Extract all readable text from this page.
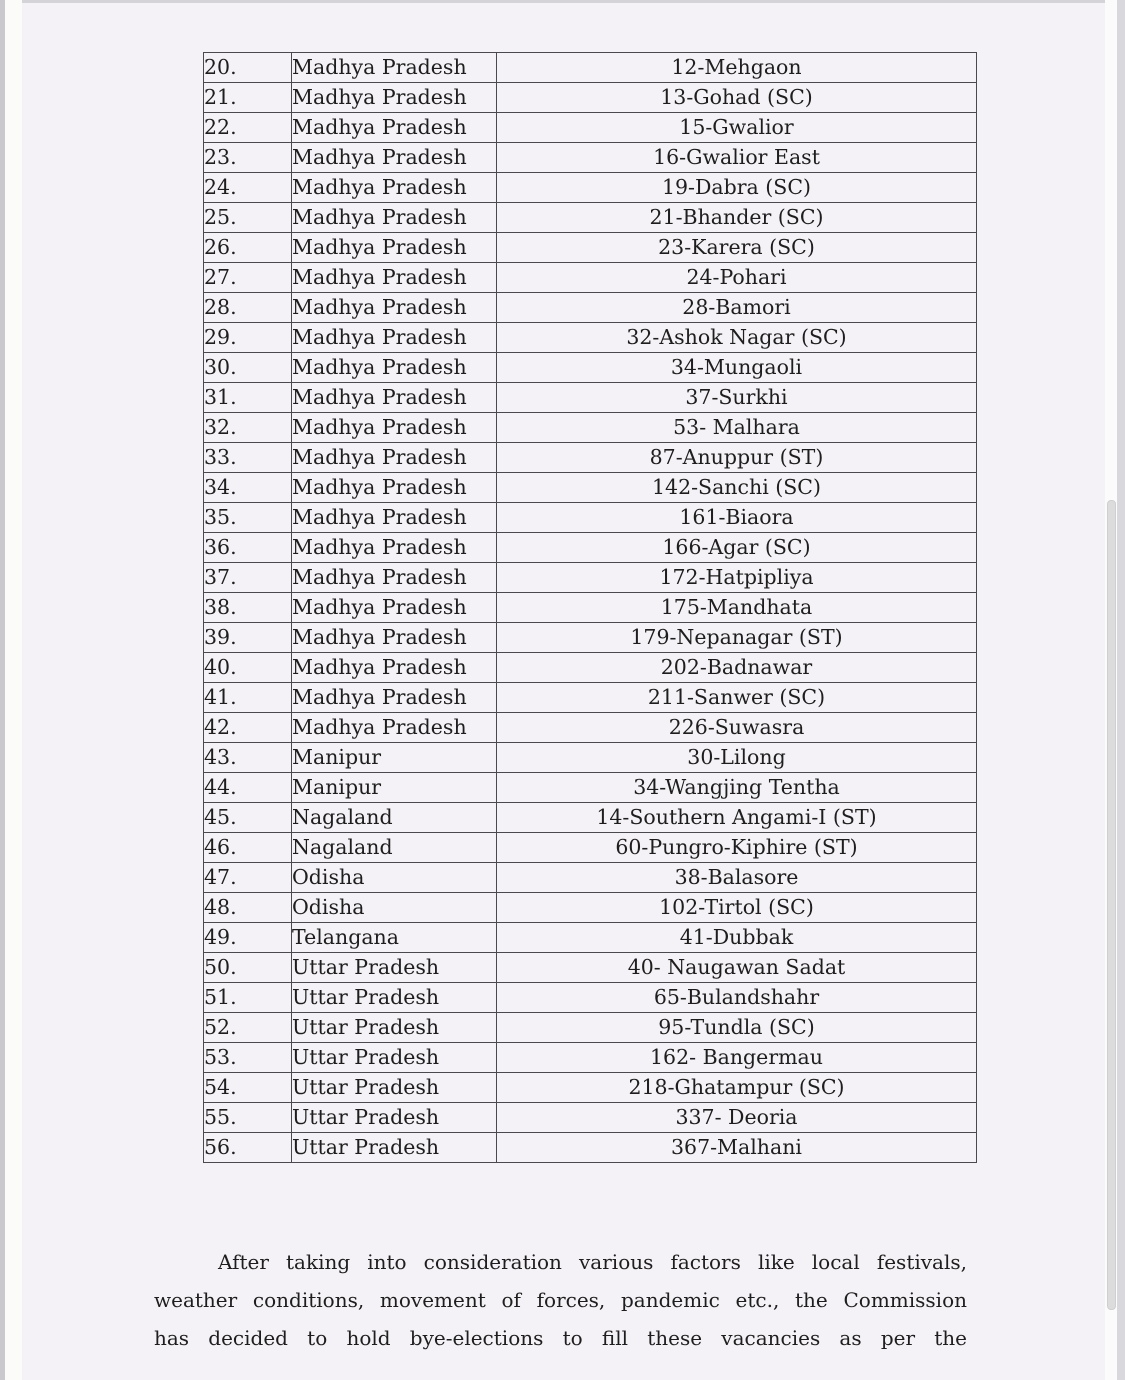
20.	Madhya Pradesh	12-Mehgaon
21.	Madhya Pradesh	13-Gohad (SC)
22.	Madhya Pradesh	15-Gwalior
23.	Madhya Pradesh	16-Gwalior East
24.	Madhya Pradesh	19-Dabra (SC)
25.	Madhya Pradesh	21-Bhander (SC)
26.	Madhya Pradesh	23-Karera (SC)
27.	Madhya Pradesh	24-Pohari
28.	Madhya Pradesh	28-Bamori
29.	Madhya Pradesh	32-Ashok Nagar (SC)
30.	Madhya Pradesh	34-Mungaoli
31.	Madhya Pradesh	37-Surkhi
32.	Madhya Pradesh	53- Malhara
33.	Madhya Pradesh	87-Anuppur (ST)
34.	Madhya Pradesh	142-Sanchi (SC)
35.	Madhya Pradesh	161-Biaora
36.	Madhya Pradesh	166-Agar (SC)
37.	Madhya Pradesh	172-Hatpipliya
38.	Madhya Pradesh	175-Mandhata
39.	Madhya Pradesh	179-Nepanagar (ST)
40.	Madhya Pradesh	202-Badnawar
41.	Madhya Pradesh	211-Sanwer (SC)
42.	Madhya Pradesh	226-Suwasra
43.	Manipur	30-Lilong
44.	Manipur	34-Wangjing Tentha
45.	Nagaland	14-Southern Angami-I (ST)
46.	Nagaland	60-Pungro-Kiphire (ST)
47.	Odisha	38-Balasore
48.	Odisha	102-Tirtol (SC)
49.	Telangana	41-Dubbak
50.	Uttar Pradesh	40- Naugawan Sadat
51.	Uttar Pradesh	65-Bulandshahr
52.	Uttar Pradesh	95-Tundla (SC)
53.	Uttar Pradesh	162- Bangermau
54.	Uttar Pradesh	218-Ghatampur (SC)
55.	Uttar Pradesh	337- Deoria
56.	Uttar Pradesh	367-Malhani
After taking into consideration various factors like local festivals,
weather conditions, movement of forces, pandemic etc., the Commission
has decided to hold bye-elections to fill these vacancies as per the
